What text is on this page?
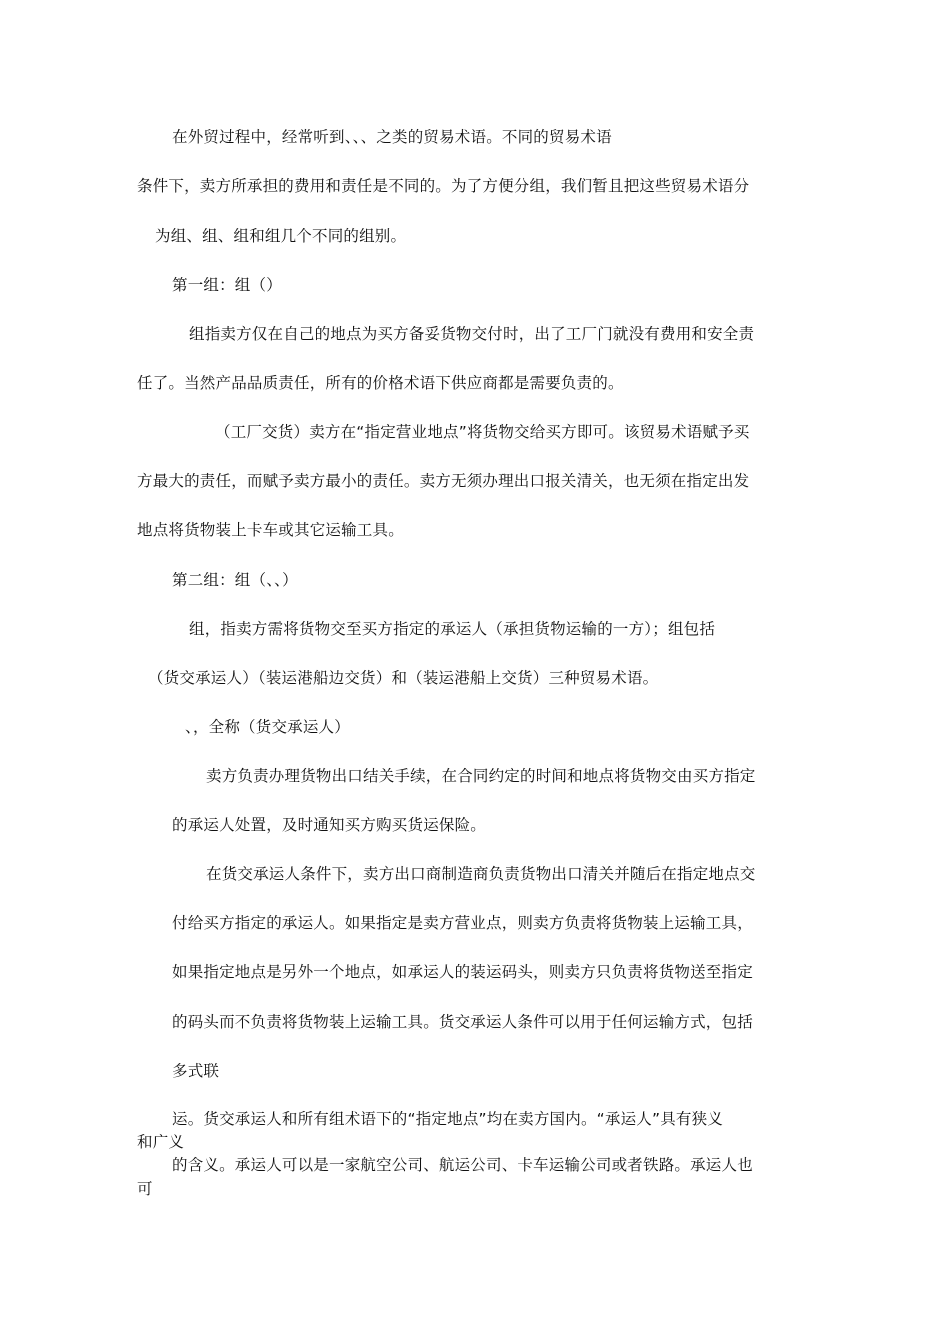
在外贸过程中，经常听到、、、之类的贸易术语。不同的贸易术语
条件下，卖方所承担的费用和责任是不同的。为了方便分组，我们暂且把这些贸易术语分
为组、组、组和组几个不同的组别。
第一组：组（）
组指卖方仅在自己的地点为买方备妥货物交付时，出了工厂门就没有费用和安全责
任了。当然产品品质责任，所有的价格术语下供应商都是需要负责的。
（工厂交货）卖方在“指定营业地点”将货物交给买方即可。该贸易术语赋予买
方最大的责任，而赋予卖方最小的责任。卖方无须办理出口报关清关，也无须在指定出发
地点将货物装上卡车或其它运输工具。
第二组：组（、、）
组，指卖方需将货物交至买方指定的承运人（承担货物运输的一方）；组包括
（货交承运人）（装运港船边交货）和（装运港船上交货）三种贸易术语。
、，全称（货交承运人）
卖方负责办理货物出口结关手续，在合同约定的时间和地点将货物交由买方指定
的承运人处置，及时通知买方购买货运保险。
在货交承运人条件下，卖方出口商制造商负责货物出口清关并随后在指定地点交
付给买方指定的承运人。如果指定是卖方营业点，则卖方负责将货物装上运输工具，
如果指定地点是另外一个地点，如承运人的装运码头，则卖方只负责将货物送至指定
的码头而不负责将货物装上运输工具。货交承运人条件可以用于任何运输方式，包括
多式联
运。货交承运人和所有组术语下的“指定地点”均在卖方国内。“承运人”具有狭义
和广义
的含义。承运人可以是一家航空公司、航运公司、卡车运输公司或者铁路。承运人也
可
